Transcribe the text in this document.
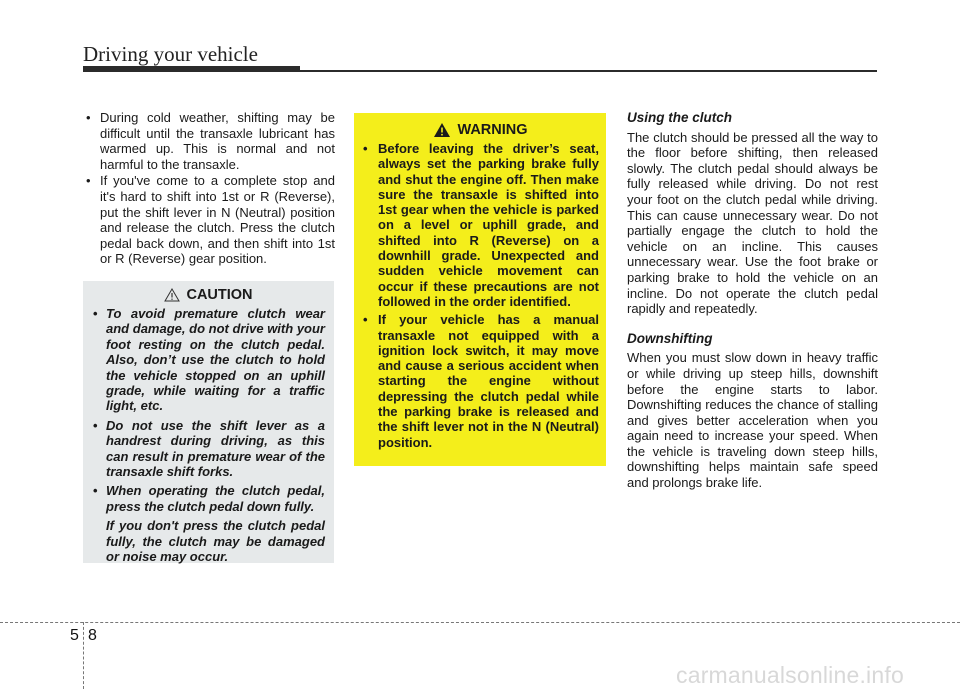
Driving your vehicle
• During cold weather, shifting may be difficult until the transaxle lubricant has warmed up. This is normal and not harmful to the transaxle.
• If you've come to a complete stop and it's hard to shift into 1st or R (Reverse), put the shift lever in N (Neutral) position and release the clutch. Press the clutch pedal back down, and then shift into 1st or R (Reverse) gear position.
CAUTION
• To avoid premature clutch wear and damage, do not drive with your foot resting on the clutch pedal. Also, don’t use the clutch to hold the vehicle stopped on an uphill grade, while waiting for a traffic light, etc.
• Do not use the shift lever as a handrest during driving, as this can result in premature wear of the transaxle shift forks.
• When operating the clutch pedal, press the clutch pedal down fully.
If you don't press the clutch pedal fully, the clutch may be damaged or noise may occur.
WARNING
• Before leaving the driver’s seat, always set the parking brake fully and shut the engine off. Then make sure the transaxle is shifted into 1st gear when the vehicle is parked on a level or uphill grade, and shifted into R (Reverse) on a downhill grade. Unexpected and sudden vehicle movement can occur if these precautions are not followed in the order identified.
• If your vehicle has a manual transaxle not equipped with a ignition lock switch, it may move and cause a serious accident when starting the engine without depressing the clutch pedal while the parking brake is released and the shift lever not in the N (Neutral) position.
Using the clutch

The clutch should be pressed all the way to the floor before shifting, then released slowly. The clutch pedal should always be fully released while driving. Do not rest your foot on the clutch pedal while driving. This can cause unnecessary wear. Do not partially engage the clutch to hold the vehicle on an incline. This causes unnecessary wear. Use the foot brake or parking brake to hold the vehicle on an incline. Do not operate the clutch pedal rapidly and repeatedly.

Downshifting

When you must slow down in heavy traffic or while driving up steep hills, downshift before the engine starts to labor. Downshifting reduces the chance of stalling and gives better acceleration when you again need to increase your speed. When the vehicle is traveling down steep hills, downshifting helps maintain safe speed and prolongs brake life.

5 8
carmanualsonline.info
